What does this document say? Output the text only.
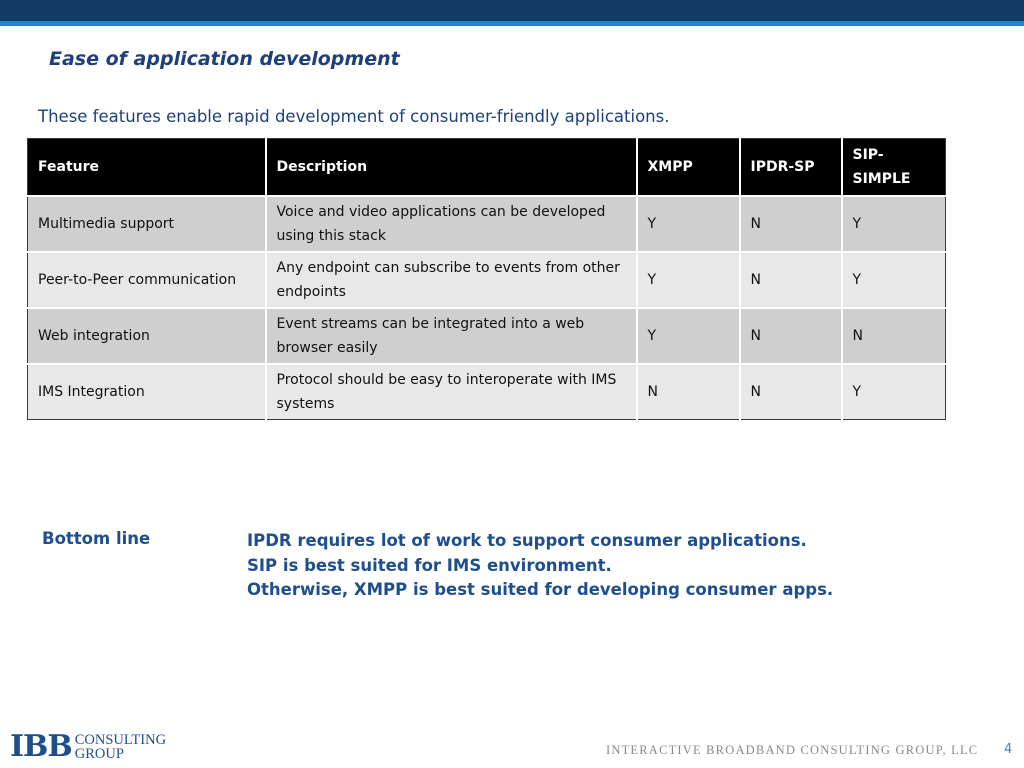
Ease of application development
These features enable rapid development of consumer-friendly applications.
Feature	Description	XMPP	IPDR-SP	SIP-SIMPLE
Multimedia support	Voice and video applications can be developed using this stack	Y	N	Y
Peer-to-Peer communication	Any endpoint can subscribe to events from other endpoints	Y	N	Y
Web integration	Event streams can be integrated into a web browser easily	Y	N	N
IMS Integration	Protocol should be easy to interoperate with IMS systems	N	N	Y
Bottom line	IPDR requires lot of work to support consumer applications.
SIP is best suited for IMS environment.
Otherwise, XMPP is best suited for developing consumer apps.
IBB CONSULTING
GROUP	INTERACTIVE BROADBAND CONSULTING GROUP, LLC 4
